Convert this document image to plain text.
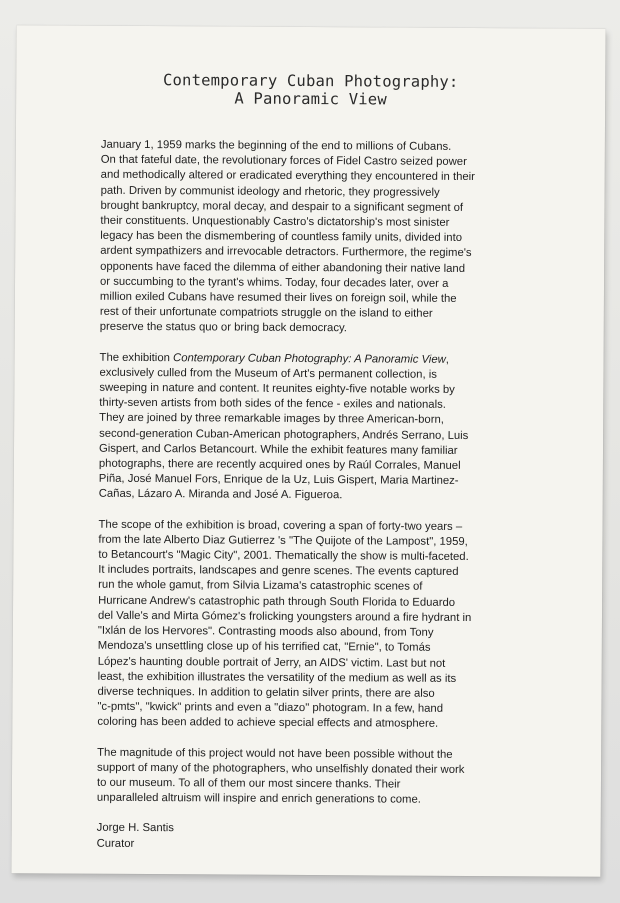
Contemporary Cuban Photography:
A Panoramic View
January 1, 1959 marks the beginning of the end to millions of Cubans.
On that fateful date, the revolutionary forces of Fidel Castro seized power
and methodically altered or eradicated everything they encountered in their
path. Driven by communist ideology and rhetoric, they progressively
brought bankruptcy, moral decay, and despair to a significant segment of
their constituents. Unquestionably Castro's dictatorship's most sinister
legacy has been the dismembering of countless family units, divided into
ardent sympathizers and irrevocable detractors. Furthermore, the regime's
opponents have faced the dilemma of either abandoning their native land
or succumbing to the tyrant's whims. Today, four decades later, over a
million exiled Cubans have resumed their lives on foreign soil, while the
rest of their unfortunate compatriots struggle on the island to either
preserve the status quo or bring back democracy.
The exhibition Contemporary Cuban Photography: A Panoramic View,
exclusively culled from the Museum of Art's permanent collection, is
sweeping in nature and content. It reunites eighty-five notable works by
thirty-seven artists from both sides of the fence - exiles and nationals.
They are joined by three remarkable images by three American-born,
second-generation Cuban-American photographers, Andrés Serrano, Luis
Gispert, and Carlos Betancourt. While the exhibit features many familiar
photographs, there are recently acquired ones by Raúl Corrales, Manuel
Piña, José Manuel Fors, Enrique de la Uz, Luis Gispert, Maria Martinez-
Cañas, Lázaro A. Miranda and José A. Figueroa.
The scope of the exhibition is broad, covering a span of forty-two years –
from the late Alberto Diaz Gutierrez 's "The Quijote of the Lampost", 1959,
to Betancourt's "Magic City", 2001. Thematically the show is multi-faceted.
It includes portraits, landscapes and genre scenes. The events captured
run the whole gamut, from Silvia Lizama's catastrophic scenes of
Hurricane Andrew's catastrophic path through South Florida to Eduardo
del Valle's and Mirta Gómez's frolicking youngsters around a fire hydrant in
"Ixlán de los Hervores". Contrasting moods also abound, from Tony
Mendoza's unsettling close up of his terrified cat, "Ernie", to Tomás
López's haunting double portrait of Jerry, an AIDS' victim. Last but not
least, the exhibition illustrates the versatility of the medium as well as its
diverse techniques. In addition to gelatin silver prints, there are also
"c-pmts", "kwick" prints and even a "diazo" photogram. In a few, hand
coloring has been added to achieve special effects and atmosphere.
The magnitude of this project would not have been possible without the
support of many of the photographers, who unselfishly donated their work
to our museum. To all of them our most sincere thanks. Their
unparalleled altruism will inspire and enrich generations to come.
Jorge H. Santis
Curator
